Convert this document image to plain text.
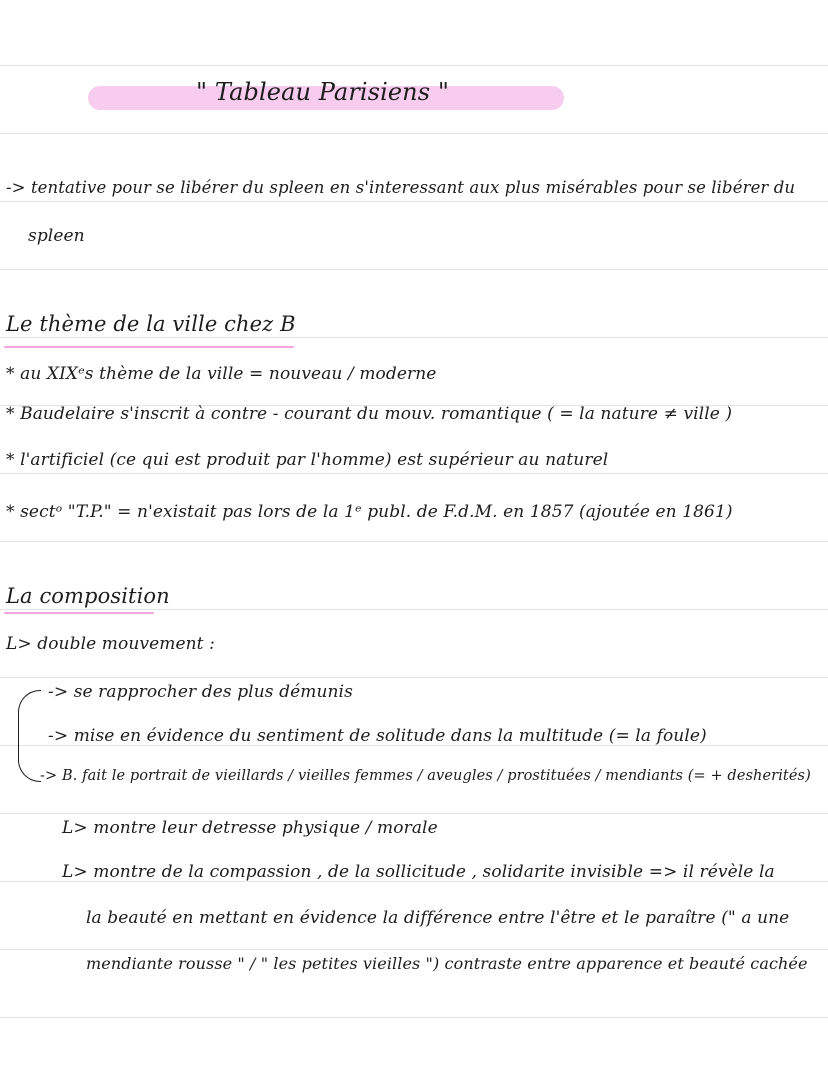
" Tableau Parisiens "
-> tentative pour se libérer du spleen en s'interessant aux plus misérables pour se libérer du
spleen
Le thème de la ville chez B
* au XIXᵉs thème de la ville = nouveau / moderne
* Baudelaire s'inscrit à contre - courant du mouv. romantique ( = la nature ≠ ville )
* l'artificiel (ce qui est produit par l'homme) est supérieur au naturel
* sectᵒ "T.P." = n'existait pas lors de la 1ᵉ publ. de F.d.M. en 1857 (ajoutée en 1861)
La composition
L> double mouvement :
-> se rapprocher des plus démunis
-> mise en évidence du sentiment de solitude dans la multitude (= la foule)
-> B. fait le portrait de vieillards / vieilles femmes / aveugles / prostituées / mendiants (= + desherités)
L> montre leur detresse physique / morale
L> montre de la compassion , de la sollicitude , solidarite invisible => il révèle la
la beauté en mettant en évidence la différence entre l'être et le paraître (" a une
mendiante rousse " / " les petites vieilles ") contraste entre apparence et beauté cachée
